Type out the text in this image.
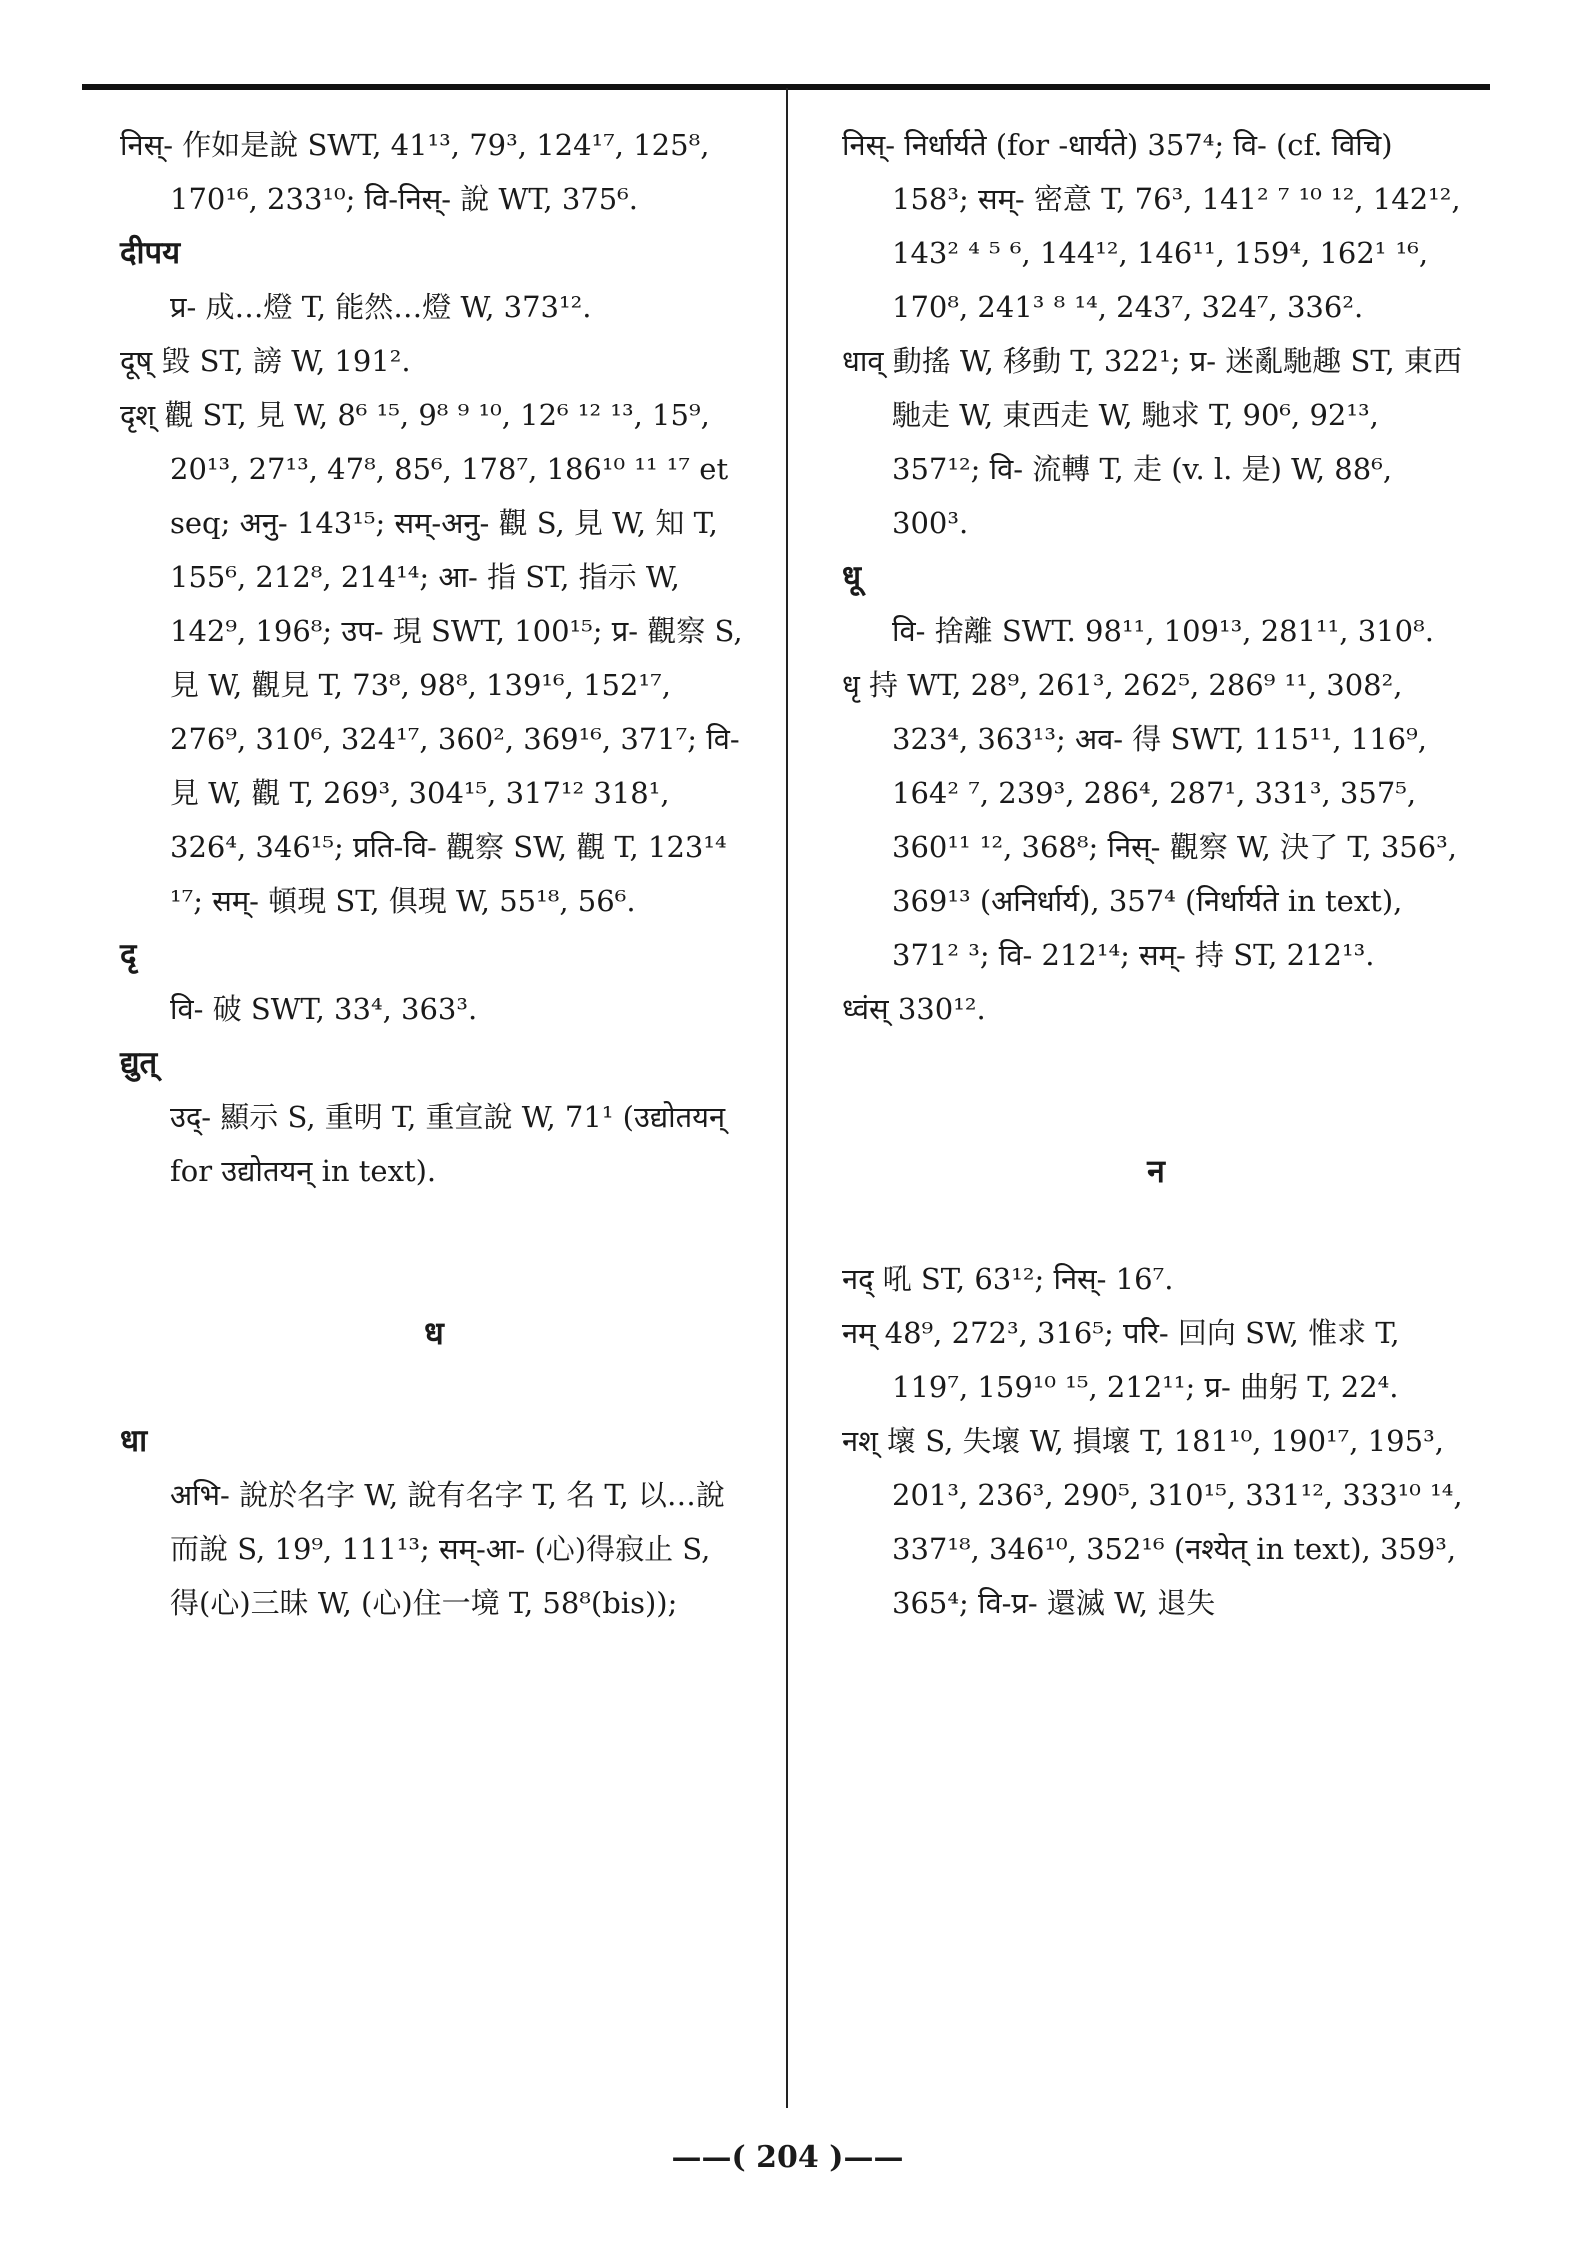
निस्- 作如是說 SWT, 41¹³, 79³, 124¹⁷, 125⁸, 170¹⁶, 233¹⁰; वि-निस्- 說 WT, 375⁶.
दीपय
प्र- 成…燈 T, 能然…燈 W, 373¹².
दूष् 毀 ST, 謗 W, 191².
दृश् 觀 ST, 見 W, 8⁶ ¹⁵, 9⁸ ⁹ ¹⁰, 12⁶ ¹² ¹³, 15⁹, 20¹³, 27¹³, 47⁸, 85⁶, 178⁷, 186¹⁰ ¹¹ ¹⁷ et seq; अनु- 143¹⁵; सम्-अनु- 觀 S, 見 W, 知 T, 155⁶, 212⁸, 214¹⁴; आ- 指 ST, 指示 W, 142⁹, 196⁸; उप- 現 SWT, 100¹⁵; प्र- 觀察 S, 見 W, 觀見 T, 73⁸, 98⁸, 139¹⁶, 152¹⁷, 276⁹, 310⁶, 324¹⁷, 360², 369¹⁶, 371⁷; वि- 見 W, 觀 T, 269³, 304¹⁵, 317¹² 318¹, 326⁴, 346¹⁵; प्रति-वि- 觀察 SW, 觀 T, 123¹⁴ ¹⁷; सम्- 頓現 ST, 俱現 W, 55¹⁸, 56⁶.
दृ
वि- 破 SWT, 33⁴, 363³.
द्युत्
उद्- 顯示 S, 重明 T, 重宣說 W, 71¹ (उद्योतयन् for उद्योतयन् in text).
ध
धा
अभि- 說於名字 W, 說有名字 T, 名 T, 以…說而說 S, 19⁹, 111¹³; सम्-आ- (心)得寂止 S, 得(心)三昧 W, (心)住一境 T, 58⁸(bis));
निस्- निर्धार्यते (for -धार्यते) 357⁴; वि- (cf. विचि) 158³; सम्- 密意 T, 76³, 141² ⁷ ¹⁰ ¹², 142¹², 143² ⁴ ⁵ ⁶, 144¹², 146¹¹, 159⁴, 162¹ ¹⁶, 170⁸, 241³ ⁸ ¹⁴, 243⁷, 324⁷, 336².
धाव् 動搖 W, 移動 T, 322¹; प्र- 迷亂馳趣 ST, 東西馳走 W, 東西走 W, 馳求 T, 90⁶, 92¹³, 357¹²; वि- 流轉 T, 走 (v. l. 是) W, 88⁶, 300³.
धू
वि- 捨離 SWT. 98¹¹, 109¹³, 281¹¹, 310⁸.
धृ 持 WT, 28⁹, 261³, 262⁵, 286⁹ ¹¹, 308², 323⁴, 363¹³; अव- 得 SWT, 115¹¹, 116⁹, 164² ⁷, 239³, 286⁴, 287¹, 331³, 357⁵, 360¹¹ ¹², 368⁸; निस्- 觀察 W, 決了 T, 356³, 369¹³ (अनिर्धार्य), 357⁴ (निर्धार्यते in text), 371² ³; वि- 212¹⁴; सम्- 持 ST, 212¹³.
ध्वंस् 330¹².
न
नद् 吼 ST, 63¹²; निस्- 16⁷.
नम् 48⁹, 272³, 316⁵; परि- 回向 SW, 惟求 T, 119⁷, 159¹⁰ ¹⁵, 212¹¹; प्र- 曲躬 T, 22⁴.
नश् 壞 S, 失壞 W, 損壞 T, 181¹⁰, 190¹⁷, 195³, 201³, 236³, 290⁵, 310¹⁵, 331¹², 333¹⁰ ¹⁴, 337¹⁸, 346¹⁰, 352¹⁶ (नश्येत् in text), 359³, 365⁴; वि-प्र- 還滅 W, 退失
——( 204 )——
